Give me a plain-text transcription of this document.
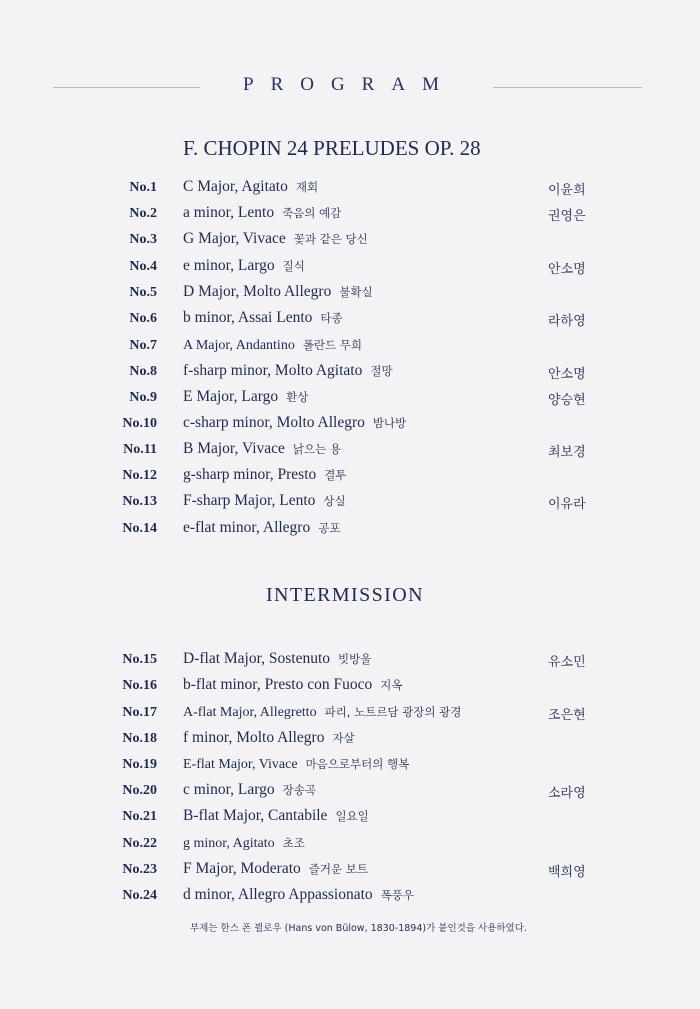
PROGRAM
F. CHOPIN 24 PRELUDES OP. 28
No.1 C Major, Agitato 재회	이윤희
No.2 a minor, Lento 죽음의 예감	권영은
No.3 G Major, Vivace 꽃과 같은 당신
No.4 e minor, Largo 질식	안소명
No.5 D Major, Molto Allegro 불확실
No.6 b minor, Assai Lento 타종	라하영
No.7 A Major, Andantino 폴란드 무희
No.8 f-sharp minor, Molto Agitato 절망	안소명
No.9 E Major, Largo 환상	양승현
No.10 c-sharp minor, Molto Allegro 밤나방
No.11 B Major, Vivace 낡으는 용	최보경
No.12 g-sharp minor, Presto 결투
No.13 F-sharp Major, Lento 상실	이유라
No.14 e-flat minor, Allegro 공포
INTERMISSION
No.15 D-flat Major, Sostenuto 빗방울	유소민
No.16 b-flat minor, Presto con Fuoco 지옥
No.17 A-flat Major, Allegretto 파리, 노트르담 광장의 광경	조은현
No.18 f minor, Molto Allegro 자살
No.19 E-flat Major, Vivace 마음으로부터의 행복
No.20 c minor, Largo 장송곡	소라영
No.21 B-flat Major, Cantabile 일요일
No.22 g minor, Agitato 초조
No.23 F Major, Moderato 즐거운 보트	백희영
No.24 d minor, Allegro Appassionato 폭풍우
부제는 한스 폰 뷜로우 (Hans von Bülow, 1830-1894)가 붙인것을 사용하였다.
